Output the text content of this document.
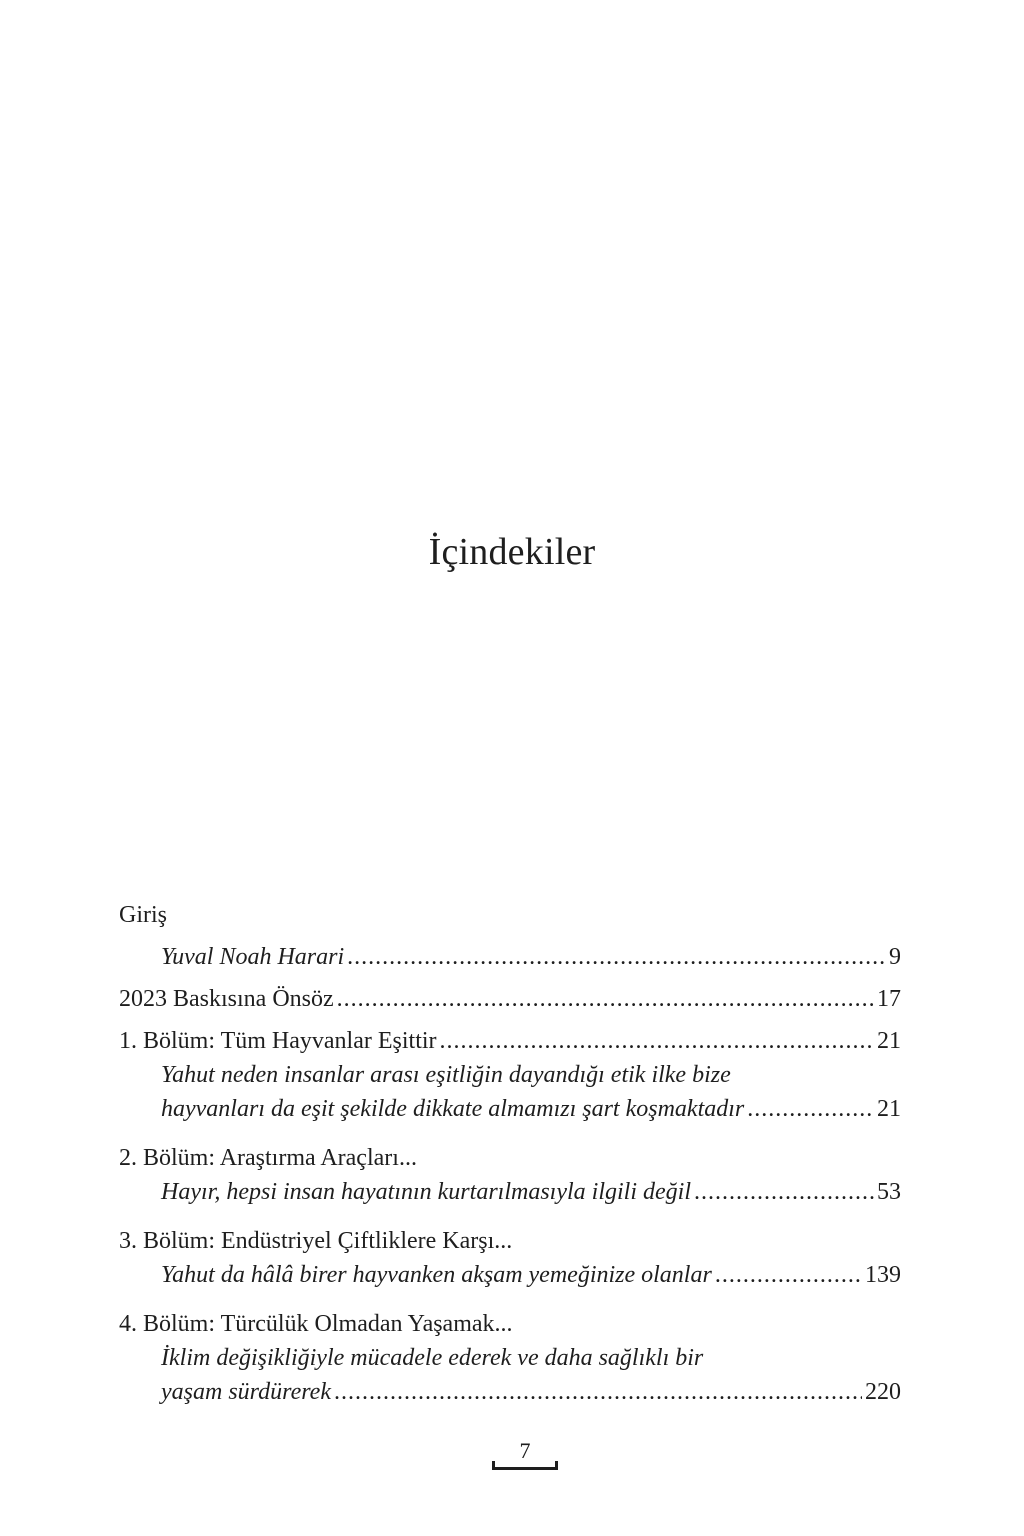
İçindekiler
Giriş
Yuval Noah Harari .....	9
2023 Baskısına Önsöz .....	17
1. Bölüm: Tüm Hayvanlar Eşittir .....	21
Yahut neden insanlar arası eşitliğin dayandığı etik ilke bize
hayvanları da eşit şekilde dikkate almamızı şart koşmaktadır .....	21
2. Bölüm: Araştırma Araçları...
Hayır, hepsi insan hayatının kurtarılmasıyla ilgili değil .....	53
3. Bölüm: Endüstriyel Çiftliklere Karşı...
Yahut da hâlâ birer hayvanken akşam yemeğinize olanlar .....	139
4. Bölüm: Türcülük Olmadan Yaşamak...
İklim değişikliğiyle mücadele ederek ve daha sağlıklı bir
yaşam sürdürerek .....	220
7
